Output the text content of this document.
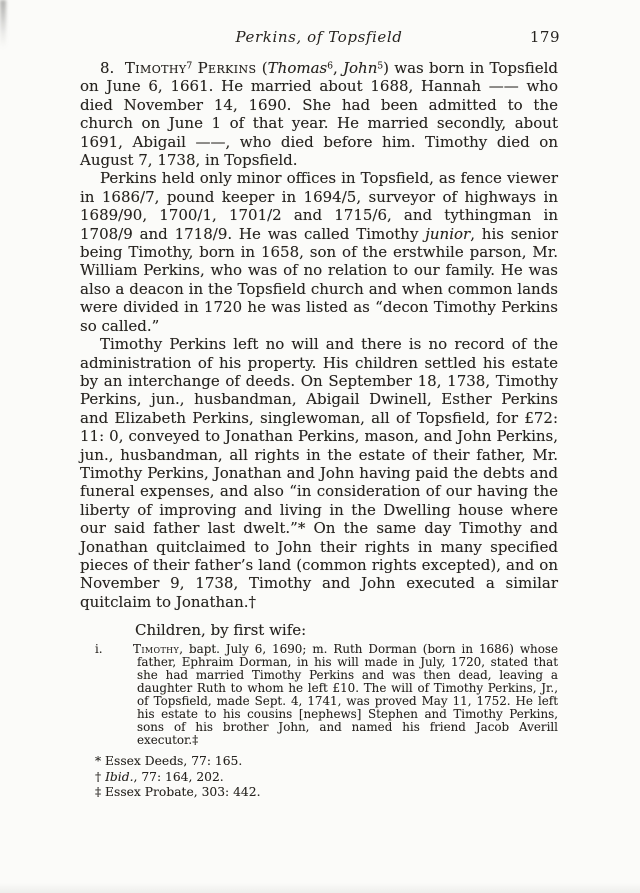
Perkins, of Topsfield	179

8.  Timothy$^7$ Perkins (Thomas$^6$, John$^5$) was born in Topsfield on June 6, 1661. He married about 1688, Hannah —— who died November 14, 1690. She had been admitted to the church on June 1 of that year. He married secondly, about 1691, Abigail ——, who died before him. Timothy died on August 7, 1738, in Topsfield.

Perkins held only minor offices in Topsfield, as fence viewer in 1686/7, pound keeper in 1694/5, surveyor of highways in 1689/90, 1700/1, 1701/2 and 1715/6, and tythingman in 1708/9 and 1718/9. He was called Timothy junior, his senior being Timothy, born in 1658, son of the erstwhile parson, Mr. William Perkins, who was of no relation to our family. He was also a deacon in the Topsfield church and when common lands were divided in 1720 he was listed as “decon Timothy Perkins so called.”

Timothy Perkins left no will and there is no record of the administration of his property. His children settled his estate by an interchange of deeds. On September 18, 1738, Timothy Perkins, jun., husbandman, Abigail Dwinell, Esther Perkins and Elizabeth Perkins, singlewoman, all of Topsfield, for £72: 11: 0, conveyed to Jonathan Perkins, mason, and John Perkins, jun., husbandman, all rights in the estate of their father, Mr. Timothy Perkins, Jonathan and John having paid the debts and funeral expenses, and also “in consideration of our having the liberty of improving and living in the Dwelling house where our said father last dwelt.”* On the same day Timothy and Jonathan quitclaimed to John their rights in many specified pieces of their father’s land (common rights excepted), and on November 9, 1738, Timothy and John executed a similar quitclaim to Jonathan.†

Children, by first wife:

i.	Timothy, bapt. July 6, 1690; m. Ruth Dorman (born in 1686) whose father, Ephraim Dorman, in his will made in July, 1720, stated that she had married Timothy Perkins and was then dead, leaving a daughter Ruth to whom he left £10. The will of Timothy Perkins, Jr., of Topsfield, made Sept. 4, 1741, was proved May 11, 1752. He left his estate to his cousins [nephews] Stephen and Timothy Perkins, sons of his brother John, and named his friend Jacob Averill executor.‡

* Essex Deeds, 77: 165.

† Ibid., 77: 164, 202.

‡ Essex Probate, 303: 442.
